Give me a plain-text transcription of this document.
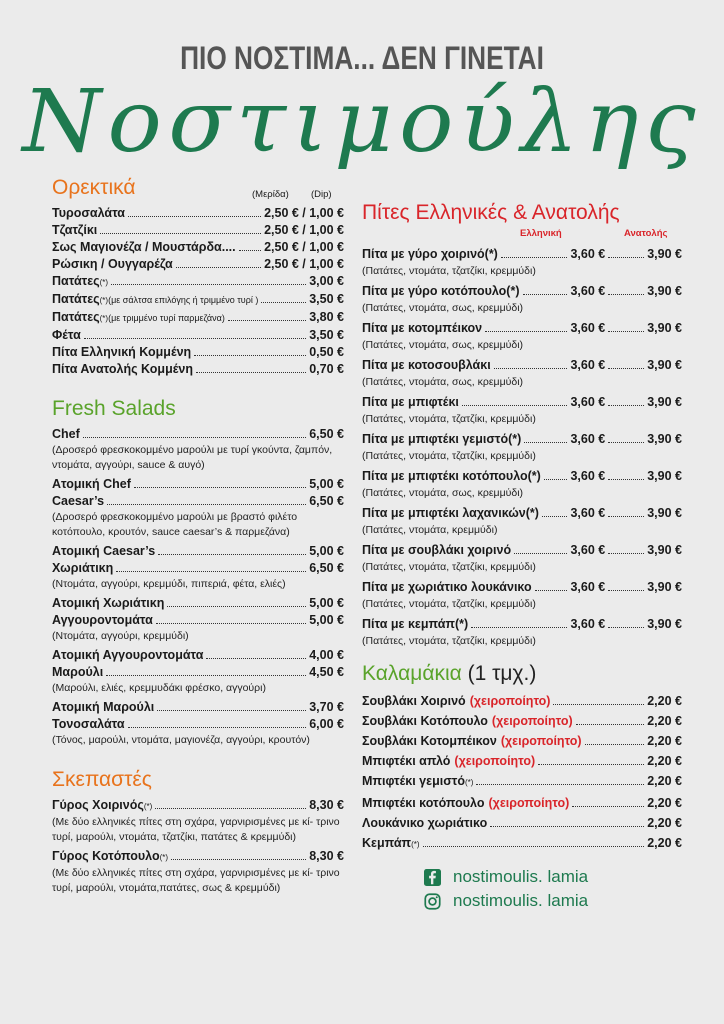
ΠΙΟ ΝΟΣΤΙΜΑ... ΔΕΝ ΓΙΝΕΤΑΙ
Νοστιμούλης
Ορεκτικά	(Μερίδα) (Dip)
Τυροσαλάτα	2,50 € / 1,00 €
Τζατζίκι	2,50 € / 1,00 €
Σως Μαγιονέζα / Μουστάρδα.... 2,50 € / 1,00 €
Ρώσικη / Ουγγαρέζα	2,50 € / 1,00 €
Πατάτες (*)	3,00 €
Πατάτες (*) (με σάλτσα επιλόγης ή τριμμένο τυρί )	3,50 €
Πατάτες (*) (με τριμμένο τυρί παρμεζάνα)	3,80 €
Φέτα	3,50 €
Πίτα Ελληνική Κομμένη	0,50 €
Πίτα Ανατολής Κομμένη	0,70 €
Fresh Salads
Chef	6,50 €
(Δροσερό φρεσκοκομμένο μαρούλι με τυρί γκούντα, ζαμπόν, ντομάτα, αγγούρι, sauce & αυγό)
Ατομική Chef	5,00 €
Caesar’s	6,50 €
(Δροσερό φρεσκοκομμένο μαρούλι με βραστό φιλέτο κοτόπουλο, κρουτόν, sauce caesar’s & παρμεζάνα)
Ατομική Caesar’s	5,00 €
Χωριάτικη	6,50 €
(Ντομάτα, αγγούρι, κρεμμύδι, πιπεριά, φέτα, ελιές)
Ατομική Χωριάτικη	5,00 €
Αγγουροντομάτα	5,00 €
(Ντομάτα, αγγούρι, κρεμμύδι)
Ατομική Αγγουροντομάτα	4,00 €
Μαρούλι	4,50 €
(Μαρούλι, ελιές, κρεμμυδάκι φρέσκο, αγγούρι)
Ατομική Μαρούλι	3,70 €
Τονοσαλάτα	6,00 €
(Τόνος, μαρούλι, ντομάτα, μαγιονέζα, αγγούρι, κρουτόν)
Σκεπαστές
Γύρος Χοιρινός (*)	8,30 €
(Με δύο ελληνικές πίτες στη σχάρα, γαρνιρισμένες με κί- τρινο τυρί, μαρούλι, ντομάτα, τζατζίκι, πατάτες & κρεμμύδι)
Γύρος Κοτόπουλο (*)	8,30 €
(Με δύο ελληνικές πίτες στη σχάρα, γαρνιρισμένες με κί- τρινο τυρί, μαρούλι, ντομάτα,πατάτες, σως & κρεμμύδι)
Πίτες Ελληνικές & Ανατολής
Ελληνική	Ανατολής
Πίτα με γύρο χοιρινό (*)	3,60 €	3,90 €
(Πατάτες, ντομάτα, τζατζίκι, κρεμμύδι)
Πίτα με γύρο κοτόπουλο (*)	3,60 €	3,90 €
(Πατάτες, ντομάτα, σως, κρεμμύδι)
Πίτα με κοτομπέικον	3,60 €	3,90 €
(Πατάτες, ντομάτα, σως, κρεμμύδι)
Πίτα με κοτοσουβλάκι	3,60 €	3,90 €
(Πατάτες, ντομάτα, σως, κρεμμύδι)
Πίτα με μπιφτέκι	3,60 €	3,90 €
(Πατάτες, ντομάτα, τζατζίκι, κρεμμύδι)
Πίτα με μπιφτέκι γεμιστό (*)	3,60 €	3,90 €
(Πατάτες, ντομάτα, τζατζίκι, κρεμμύδι)
Πίτα με μπιφτέκι κοτόπουλο (*) 3,60 €	3,90 €
(Πατάτες, ντομάτα, σως, κρεμμύδι)
Πίτα με μπιφτέκι λαχανικών (*)	3,60 €	3,90 €
(Πατάτες, ντομάτα, κρεμμύδι)
Πίτα με σουβλάκι χοιρινό	3,60 €	3,90 €
(Πατάτες, ντομάτα, τζατζίκι, κρεμμύδι)
Πίτα με χωριάτικο λουκάνικο	3,60 €	3,90 €
(Πατάτες, ντομάτα, τζατζίκι, κρεμμύδι)
Πίτα με κεμπάπ (*)	3,60 €	3,90 €
(Πατάτες, ντομάτα, τζατζίκι, κρεμμύδι)
Καλαμάκια (1 τμχ.)
Σουβλάκι Χοιρινό (χειροποίητο)	2,20 €
Σουβλάκι Κοτόπουλο (χειροποίητο)	2,20 €
Σουβλάκι Κοτομπέικον (χειροποίητο)	2,20 €
Μπιφτέκι απλό (χειροποίητο)	2,20 €
Μπιφτέκι γεμιστό (*)	2,20 €
Μπιφτέκι κοτόπουλο (χειροποίητο)	2,20 €
Λουκάνικο χωριάτικο	2,20 €
Κεμπάπ (*)	2,20 €
nostimoulis. lamia
nostimoulis. lamia
